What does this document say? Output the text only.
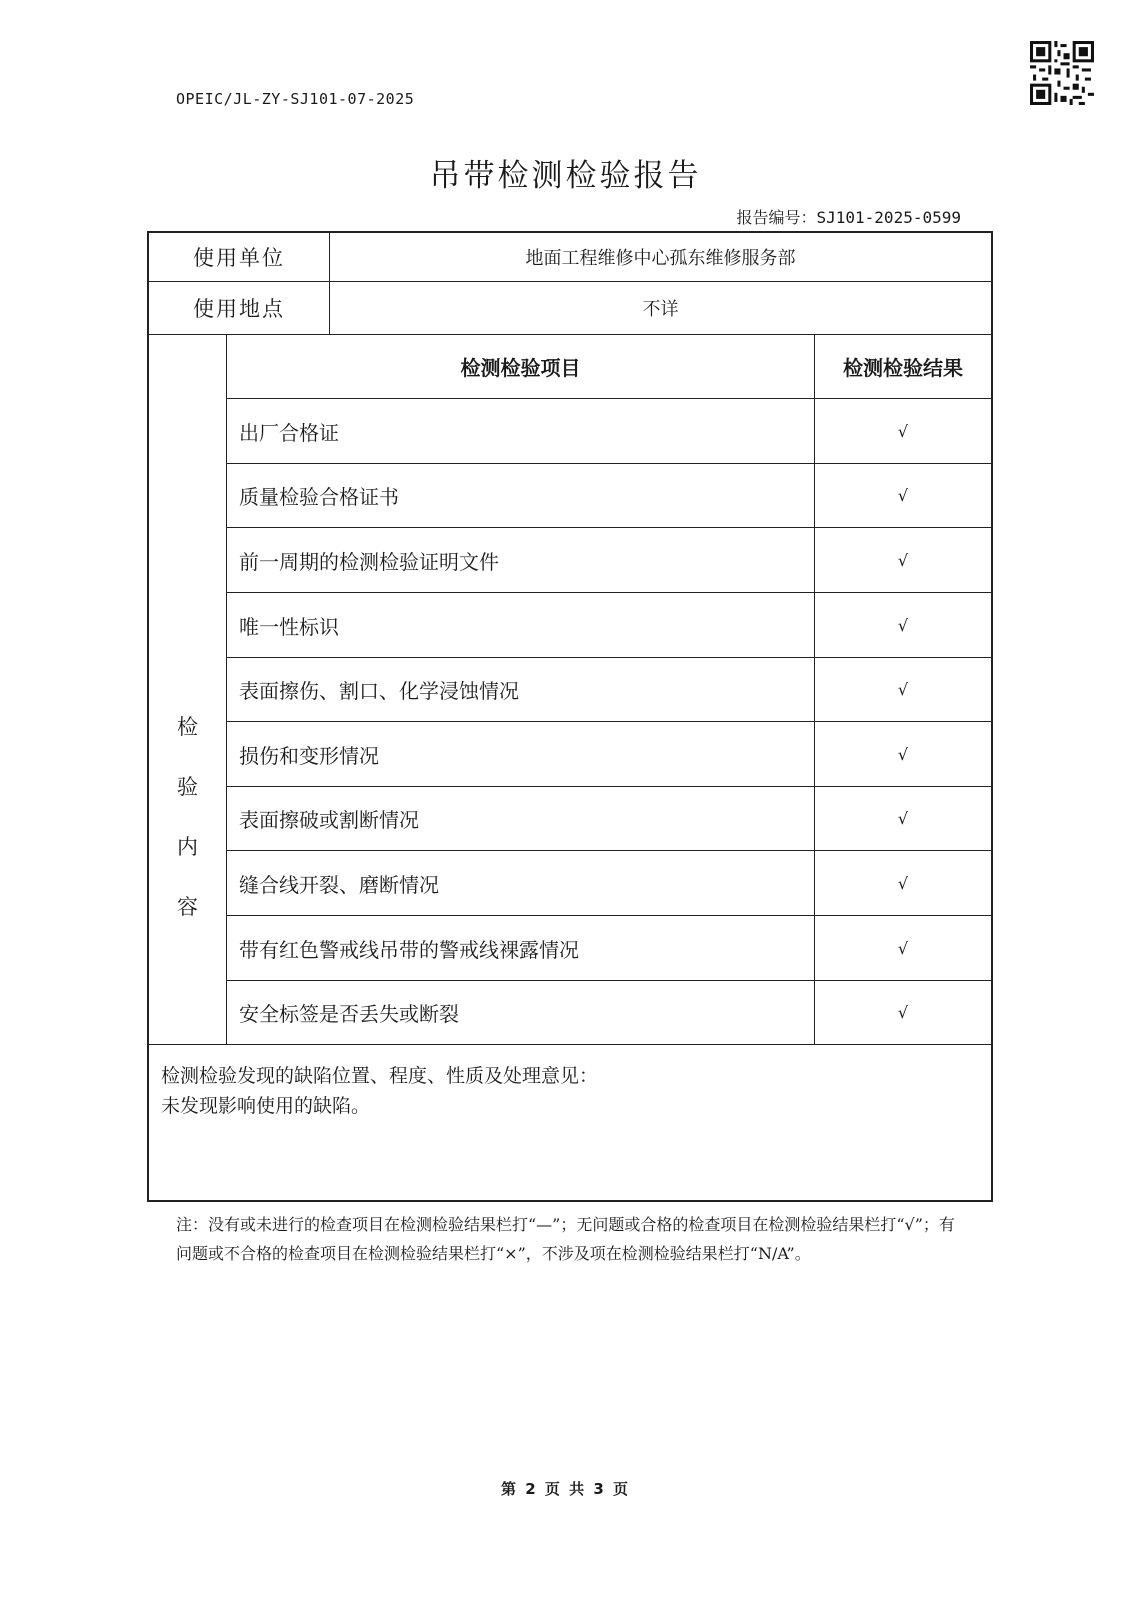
OPEIC/JL-ZY-SJ101-07-2025
吊带检测检验报告
报告编号：SJ101-2025-0599
使用单位	地面工程维修中心孤东维修服务部
使用地点	不详
检
验
内
容
检测检验项目	检测检验结果
出厂合格证	√
质量检验合格证书	√
前一周期的检测检验证明文件	√
唯一性标识	√
表面擦伤、割口、化学浸蚀情况	√
损伤和变形情况	√
表面擦破或割断情况	√
缝合线开裂、磨断情况	√
带有红色警戒线吊带的警戒线裸露情况	√
安全标签是否丢失或断裂	√
检测检验发现的缺陷位置、程度、性质及处理意见：
未发现影响使用的缺陷。
注：没有或未进行的检查项目在检测检验结果栏打“—”；无问题或合格的检查项目在检测检验结果栏打“√”；有问题或不合格的检查项目在检测检验结果栏打“×”，不涉及项在检测检验结果栏打“N/A”。
第 2 页 共 3 页
